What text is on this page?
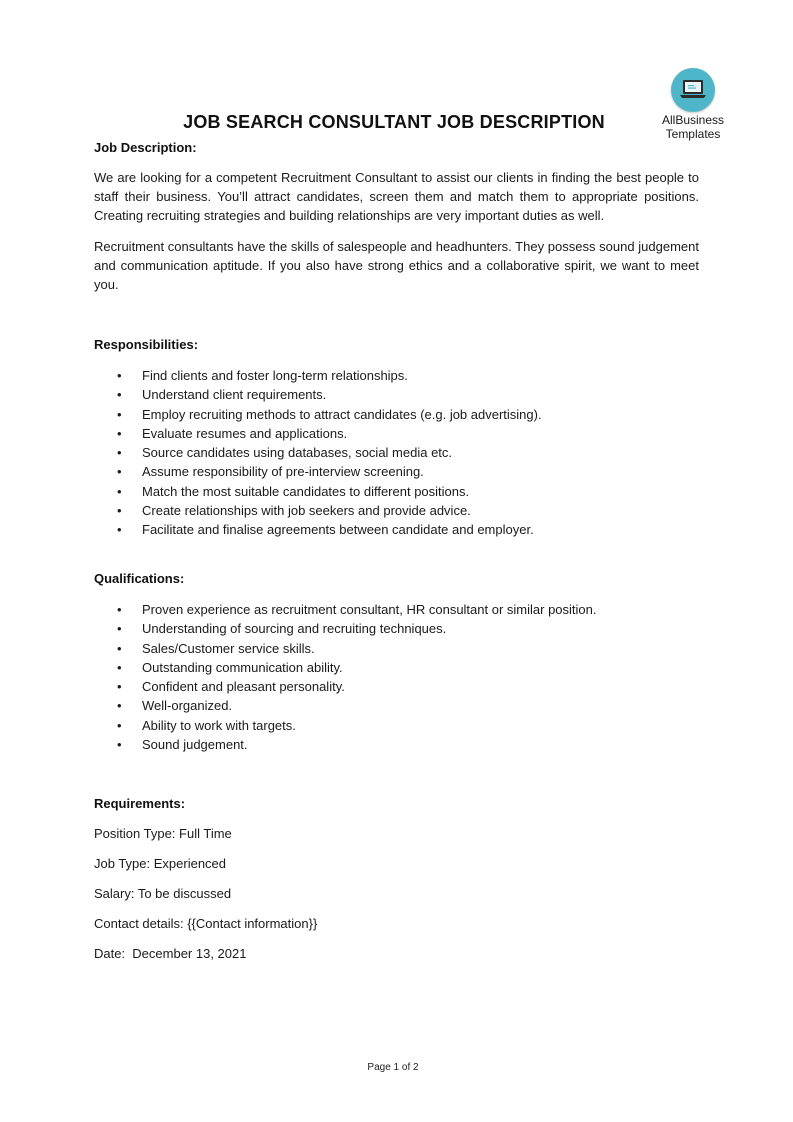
AllBusiness
Templates
JOB SEARCH CONSULTANT JOB DESCRIPTION
Job Description:
We are looking for a competent Recruitment Consultant to assist our clients in finding the best people to staff their business. You’ll attract candidates, screen them and match them to appropriate positions. Creating recruiting strategies and building relationships are very important duties as well.
Recruitment consultants have the skills of salespeople and headhunters. They possess sound judgement and communication aptitude. If you also have strong ethics and a collaborative spirit, we want to meet you.
Responsibilities:
• Find clients and foster long-term relationships.
• Understand client requirements.
• Employ recruiting methods to attract candidates (e.g. job advertising).
• Evaluate resumes and applications.
• Source candidates using databases, social media etc.
• Assume responsibility of pre-interview screening.
• Match the most suitable candidates to different positions.
• Create relationships with job seekers and provide advice.
• Facilitate and finalise agreements between candidate and employer.
Qualifications:
• Proven experience as recruitment consultant, HR consultant or similar position.
• Understanding of sourcing and recruiting techniques.
• Sales/Customer service skills.
• Outstanding communication ability.
• Confident and pleasant personality.
• Well-organized.
• Ability to work with targets.
• Sound judgement.
Requirements:
Position Type: Full Time
Job Type: Experienced
Salary: To be discussed
Contact details: {{Contact information}}
Date:  December 13, 2021
Page 1 of 2
